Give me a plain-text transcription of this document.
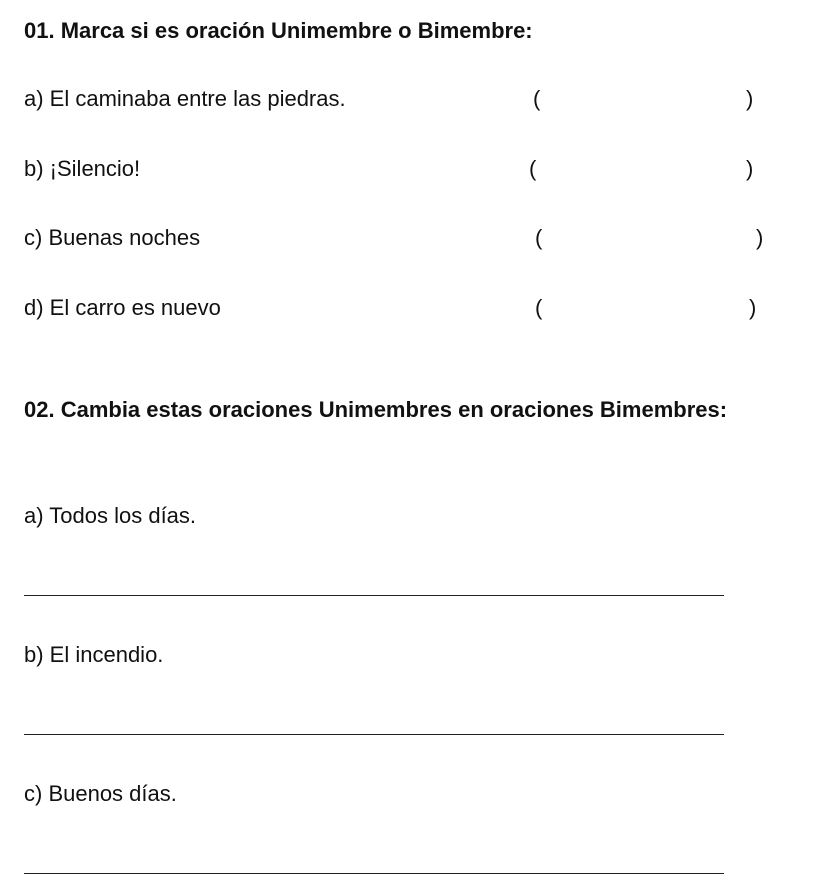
01. Marca si es oración Unimembre o Bimembre:
a) El caminaba entre las piedras.	(	)
b) ¡Silencio!	(	)
c) Buenas noches	(	)
d) El carro es nuevo	(	)
02. Cambia estas oraciones Unimembres en oraciones Bimembres:
a) Todos los días.
b) El incendio.
c) Buenos días.
